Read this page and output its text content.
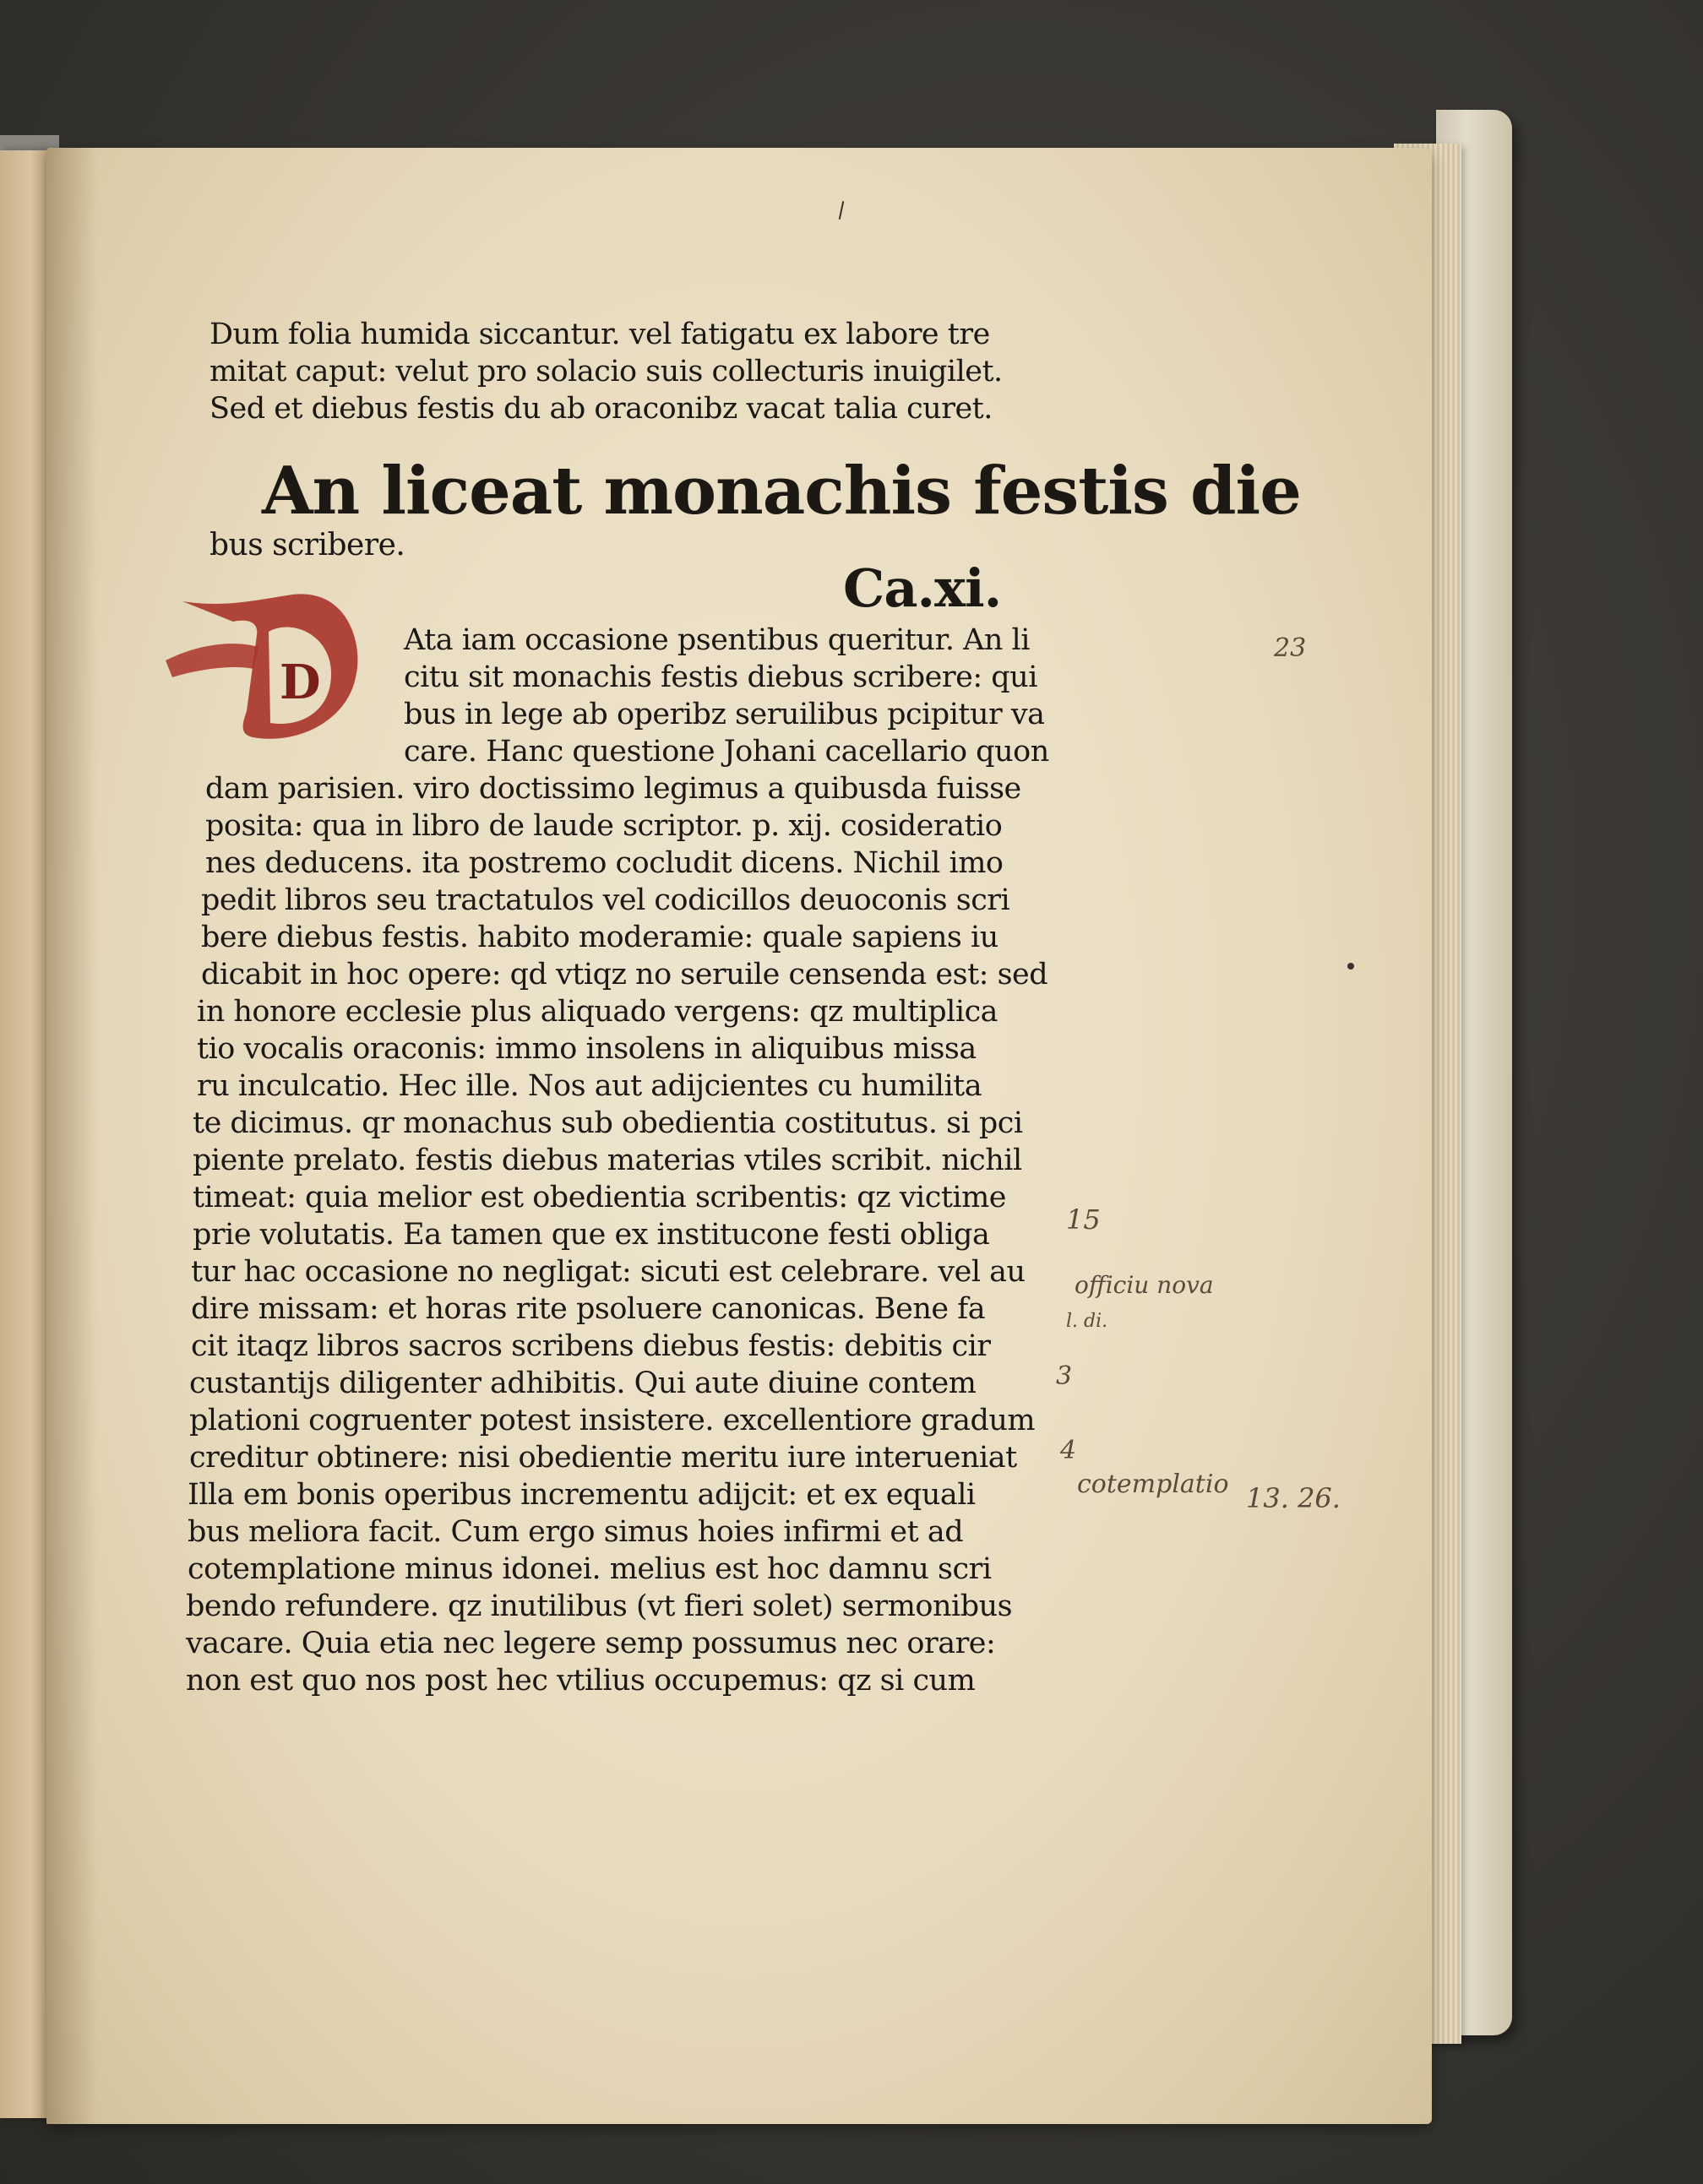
23
Dum folia humida siccantur. vel fatigatu ex labore tre
mitat caput: velut pro solacio suis collecturis inuigilet.
Sed et diebus festis du ab oraconibz vacat talia curet.
An liceat monachis festis die
bus scribere.
Ca.xi.
D
Ata iam occasione psentibus queritur. An li
citu sit monachis festis diebus scribere: qui
bus in lege ab operibz seruilibus pcipitur va
care. Hanc questione Johani cacellario quon
dam parisien. viro doctissimo legimus a quibusda fuisse
posita: qua in libro de laude scriptor. p. xij. cosideratio
nes deducens. ita postremo cocludit dicens. Nichil imo
pedit libros seu tractatulos vel codicillos deuoconis scri
bere diebus festis. habito moderamie: quale sapiens iu
dicabit in hoc opere: qd vtiqz no seruile censenda est: sed
in honore ecclesie plus aliquado vergens: qz multiplica
tio vocalis oraconis: immo insolens in aliquibus missa
ru inculcatio. Hec ille. Nos aut adijcientes cu humilita
te dicimus. qr monachus sub obedientia costitutus. si pci
piente prelato. festis diebus materias vtiles scribit. nichil
timeat: quia melior est obedientia scribentis: qz victime
prie volutatis. Ea tamen que ex institucone festi obliga
tur hac occasione no negligat: sicuti est celebrare. vel au
dire missam: et horas rite psoluere canonicas. Bene fa
cit itaqz libros sacros scribens diebus festis: debitis cir
custantijs diligenter adhibitis. Qui aute diuine contem
plationi cogruenter potest insistere. excellentiore gradum
creditur obtinere: nisi obedientie meritu iure interueniat
Illa em bonis operibus incrementu adijcit: et ex equali
bus meliora facit. Cum ergo simus hoies infirmi et ad
cotemplatione minus idonei. melius est hoc damnu scri
bendo refundere. qz inutilibus (vt fieri solet) sermonibus
vacare. Quia etia nec legere semp possumus nec orare:
non est quo nos post hec vtilius occupemus: qz si cum
15
officiu nova
l. di.
3
4
cotemplatio 13. 26.
